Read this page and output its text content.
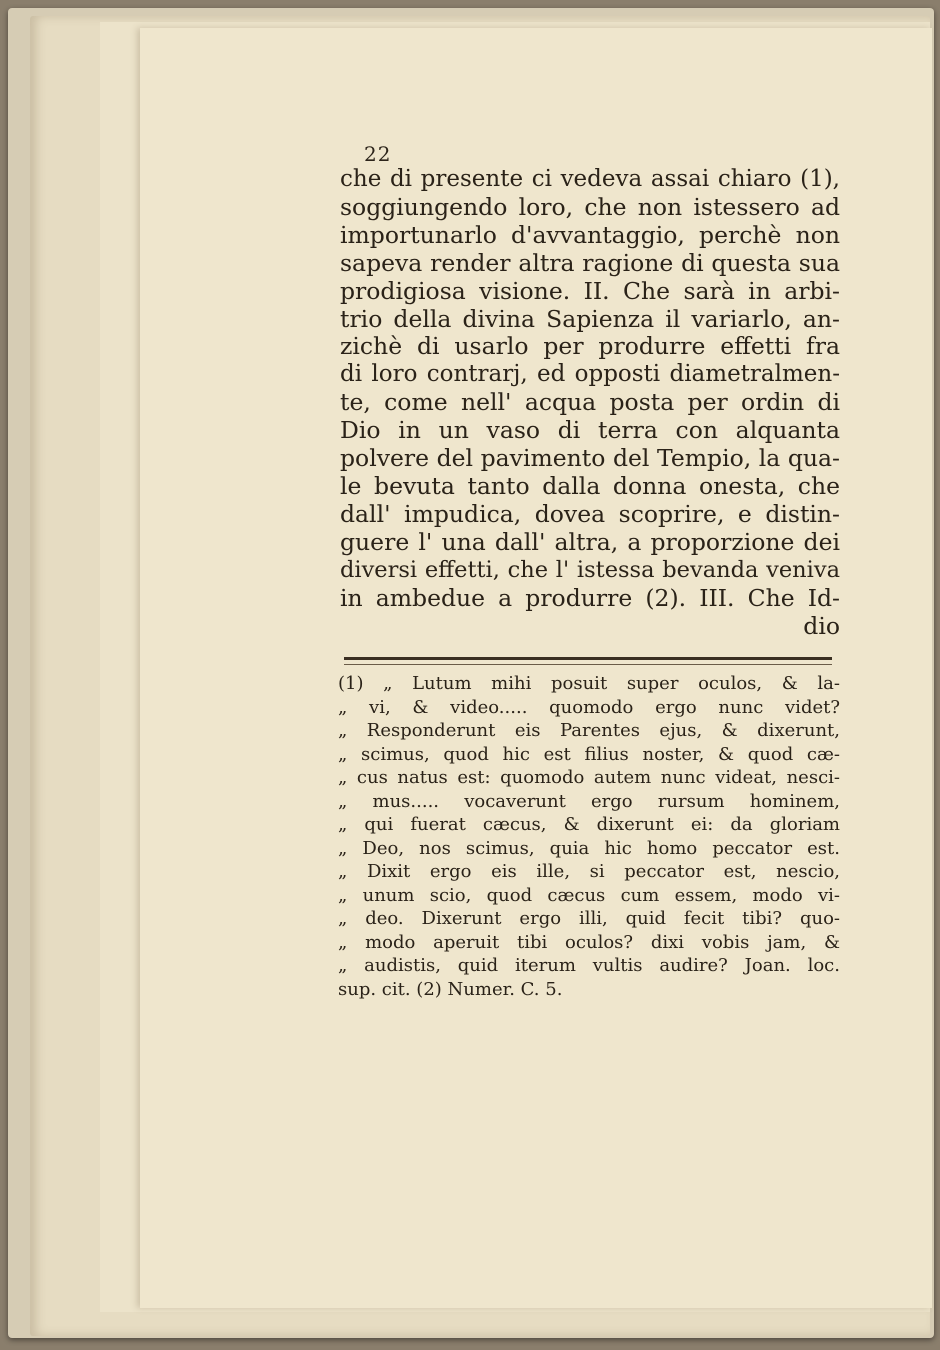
22
che di presente ci vedeva assai chiaro (1),
soggiungendo loro, che non istessero ad
importunarlo d'avvantaggio, perchè non
sapeva render altra ragione di questa sua
prodigiosa visione. II. Che sarà in arbi-
trio della divina Sapienza il variarlo, an-
zichè di usarlo per produrre effetti fra
di loro contrarj, ed opposti diametralmen-
te, come nell' acqua posta per ordin di
Dio in un vaso di terra con alquanta
polvere del pavimento del Tempio, la qua-
le bevuta tanto dalla donna onesta, che
dall' impudica, dovea scoprire, e distin-
guere l' una dall' altra, a proporzione dei
diversi effetti, che l' istessa bevanda veniva
in ambedue a produrre (2). III. Che Id-
dio
(1) „ Lutum mihi posuit super oculos, & la-
„ vi, & video..... quomodo ergo nunc videt?
„ Responderunt eis Parentes ejus, & dixerunt,
„ scimus, quod hic est filius noster, & quod cæ-
„ cus natus est: quomodo autem nunc videat, nesci-
„ mus..... vocaverunt ergo rursum hominem,
„ qui fuerat cæcus, & dixerunt ei: da gloriam
„ Deo, nos scimus, quia hic homo peccator est.
„ Dixit ergo eis ille, si peccator est, nescio,
„ unum scio, quod cæcus cum essem, modo vi-
„ deo. Dixerunt ergo illi, quid fecit tibi? quo-
„ modo aperuit tibi oculos? dixi vobis jam, &
„ audistis, quid iterum vultis audire? Joan. loc.
sup. cit. (2) Numer. C. 5.
